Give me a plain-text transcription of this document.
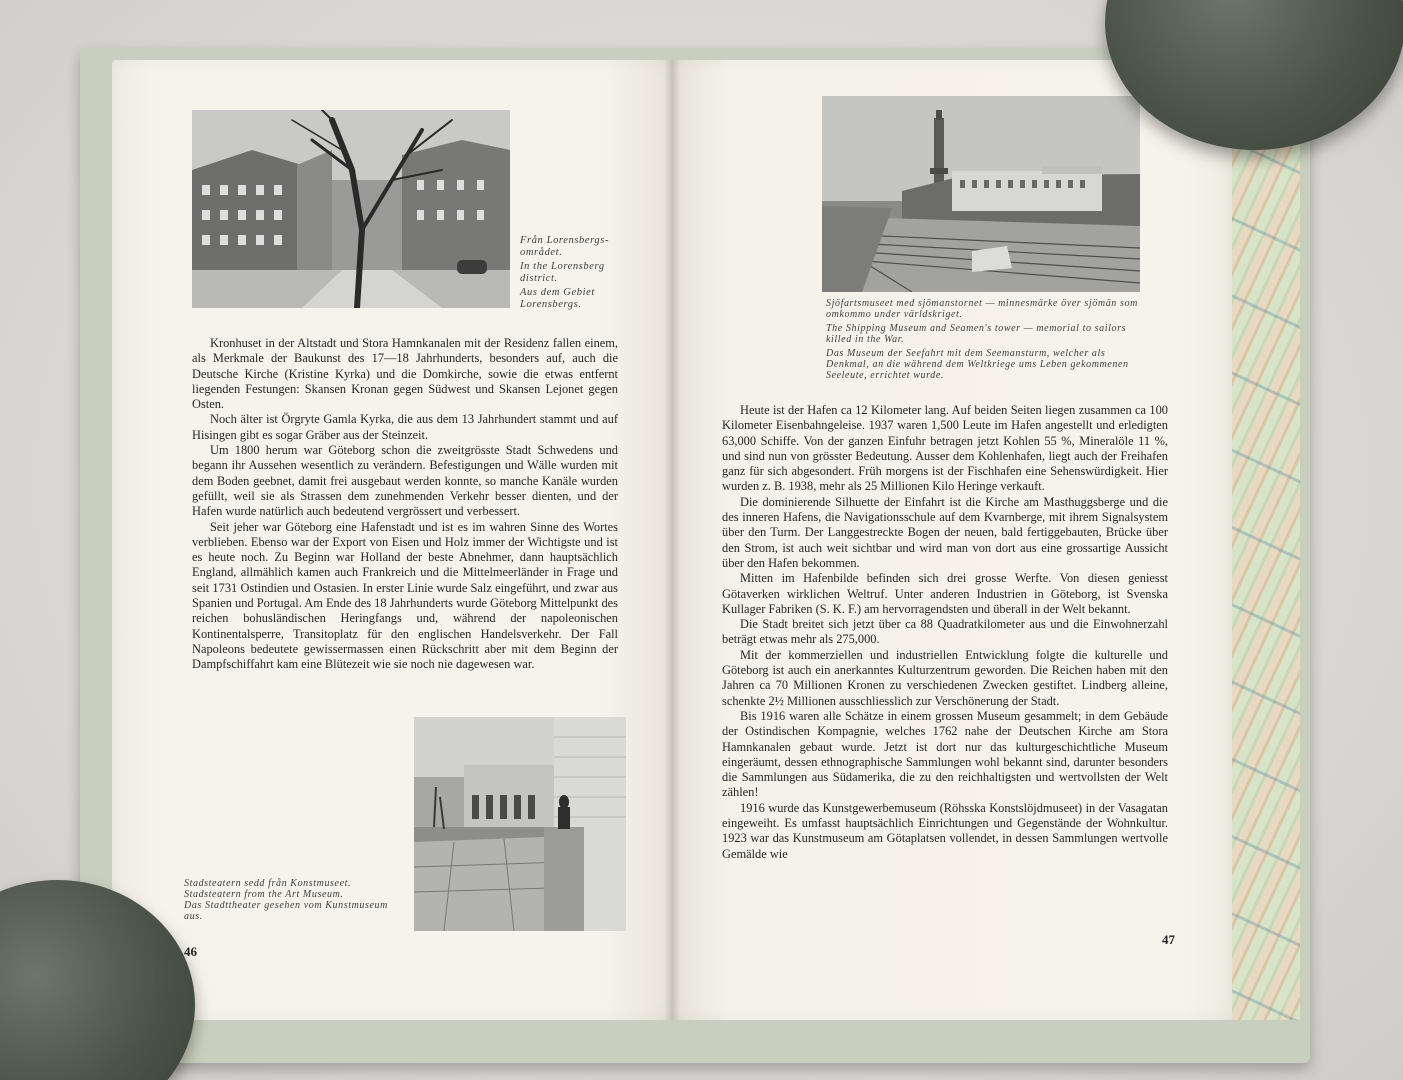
Från Lorensbergs-området.

In the Lorensberg district.

Aus dem Gebiet Lorensbergs.

Kronhuset in der Altstadt und Stora Hamnkanalen mit der Residenz fallen einem, als Merkmale der Baukunst des 17—18 Jahrhunderts, besonders auf, auch die Deutsche Kirche (Kristine Kyrka) und die Domkirche, sowie die etwas entfernt liegenden Festungen: Skansen Kronan gegen Südwest und Skansen Lejonet gegen Osten.

Noch älter ist Örgryte Gamla Kyrka, die aus dem 13 Jahrhundert stammt und auf Hisingen gibt es sogar Gräber aus der Steinzeit.

Um 1800 herum war Göteborg schon die zweitgrösste Stadt Schwedens und begann ihr Aussehen wesentlich zu verändern. Befestigungen und Wälle wurden mit dem Boden geebnet, damit frei ausgebaut werden konnte, so manche Kanäle wurden gefüllt, weil sie als Strassen dem zunehmenden Verkehr besser dienten, und der Hafen wurde natürlich auch bedeutend vergrössert und verbessert.

Seit jeher war Göteborg eine Hafenstadt und ist es im wahren Sinne des Wortes verblieben. Ebenso war der Export von Eisen und Holz immer der Wichtigste und ist es heute noch. Zu Beginn war Holland der beste Abnehmer, dann hauptsächlich England, allmählich kamen auch Frankreich und die Mittelmeerländer in Frage und seit 1731 Ostindien und Ostasien. In erster Linie wurde Salz eingeführt, und zwar aus Spanien und Portugal. Am Ende des 18 Jahrhunderts wurde Göteborg Mittelpunkt des reichen bohusländischen Heringfangs und, während der napoleonischen Kontinentalsperre, Transitoplatz für den englischen Handelsverkehr. Der Fall Napoleons bedeutete gewissermassen einen Rückschritt aber mit dem Beginn der Dampfschiffahrt kam eine Blütezeit wie sie noch nie dagewesen war.

Stadsteatern sedd från Konstmuseet.

Stadsteatern from the Art Museum.

Das Stadttheater gesehen vom Kunstmuseum aus.

46

Sjöfartsmuseet med sjömanstornet — minnesmärke över sjömän som omkommo under världskriget.

The Shipping Museum and Seamen's tower — memorial to sailors killed in the War.

Das Museum der Seefahrt mit dem Seemansturm, welcher als Denkmal, an die während dem Weltkriege ums Leben gekommenen Seeleute, errichtet wurde.

Heute ist der Hafen ca 12 Kilometer lang. Auf beiden Seiten liegen zusammen ca 100 Kilometer Eisenbahngeleise. 1937 waren 1,500 Leute im Hafen angestellt und erledigten 63,000 Schiffe. Von der ganzen Einfuhr betragen jetzt Kohlen 55 %, Mineralöle 11 %, und sind nun von grösster Bedeutung. Ausser dem Kohlenhafen, liegt auch der Freihafen ganz für sich abgesondert. Früh morgens ist der Fischhafen eine Sehenswürdigkeit. Hier wurden z. B. 1938, mehr als 25 Millionen Kilo Heringe verkauft.

Die dominierende Silhuette der Einfahrt ist die Kirche am Masthuggsberge und die des inneren Hafens, die Navigationsschule auf dem Kvarnberge, mit ihrem Signalsystem über den Turm. Der Langgestreckte Bogen der neuen, bald fertiggebauten, Brücke über den Strom, ist auch weit sichtbar und wird man von dort aus eine grossartige Aussicht über den Hafen bekommen.

Mitten im Hafenbilde befinden sich drei grosse Werfte. Von diesen geniesst Götaverken wirklichen Weltruf. Unter anderen Industrien in Göteborg, ist Svenska Kullager Fabriken (S. K. F.) am hervorragendsten und überall in der Welt bekannt.

Die Stadt breitet sich jetzt über ca 88 Quadratkilometer aus und die Einwohnerzahl beträgt etwas mehr als 275,000.

Mit der kommerziellen und industriellen Entwicklung folgte die kulturelle und Göteborg ist auch ein anerkanntes Kulturzentrum geworden. Die Reichen haben mit den Jahren ca 70 Millionen Kronen zu verschiedenen Zwecken gestiftet. Lindberg alleine, schenkte 2½ Millionen ausschliesslich zur Verschönerung der Stadt.

Bis 1916 waren alle Schätze in einem grossen Museum gesammelt; in dem Gebäude der Ostindischen Kompagnie, welches 1762 nahe der Deutschen Kirche am Stora Hamnkanalen gebaut wurde. Jetzt ist dort nur das kulturgeschichtliche Museum eingeräumt, dessen ethnographische Sammlungen wohl bekannt sind, darunter besonders die Sammlungen aus Südamerika, die zu den reichhaltigsten und wertvollsten der Welt zählen!

1916 wurde das Kunstgewerbemuseum (Röhsska Konstslöjdmuseet) in der Vasagatan eingeweiht. Es umfasst hauptsächlich Einrichtungen und Gegenstände der Wohnkultur. 1923 war das Kunstmuseum am Götaplatsen vollendet, in dessen Sammlungen wertvolle Gemälde wie

47
